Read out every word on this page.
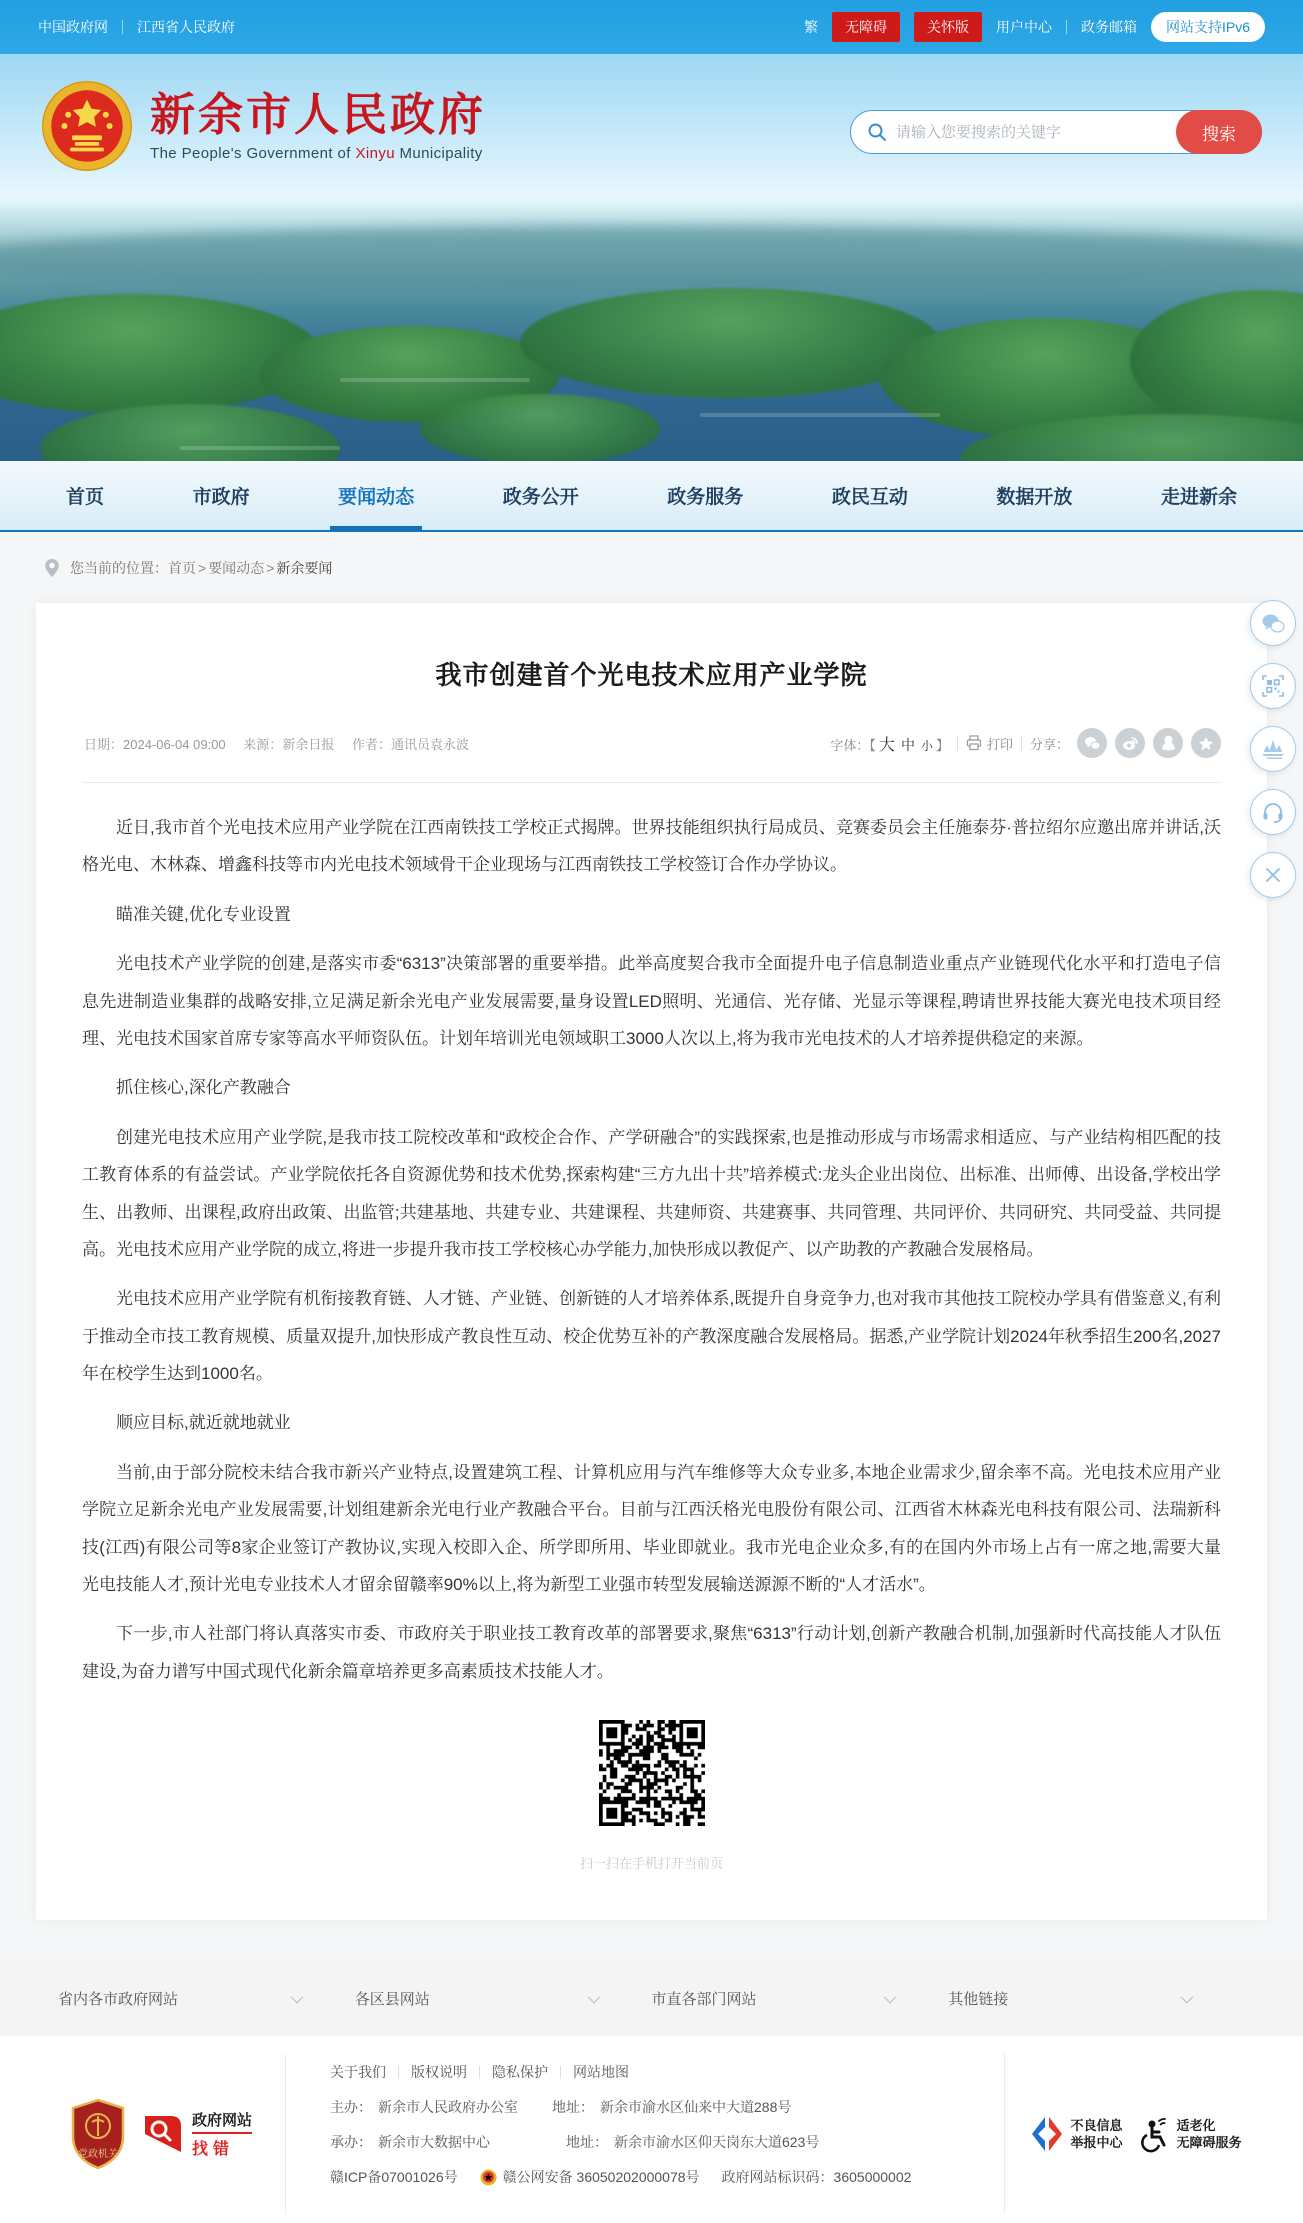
中国政府网 江西省人民政府	繁	无障碍	关怀版	用户中心 政务邮箱	网站支持IPv6
新余市人民政府
The People's Government of Xinyu Municipality
请输入您要搜索的关键字
搜索
首页	市政府	要闻动态	政务公开	政务服务	政民互动	数据开放	走进新余
您当前的位置： 首页 > 要闻动态 > 新余要闻
我市创建首个光电技术应用产业学院
日期：2024-06-04 09:00 来源：新余日报 作者：通讯员袁永波	字体：【 大 中 小 】	打印 分享：

近日,我市首个光电技术应用产业学院在江西南铁技工学校正式揭牌。世界技能组织执行局成员、竞赛委员会主任施泰芬·普拉绍尔应邀出席并讲话,沃格光电、木林森、增鑫科技等市内光电技术领域骨干企业现场与江西南铁技工学校签订合作办学协议。

瞄准关键,优化专业设置

光电技术产业学院的创建,是落实市委“6313”决策部署的重要举措。此举高度契合我市全面提升电子信息制造业重点产业链现代化水平和打造电子信息先进制造业集群的战略安排,立足满足新余光电产业发展需要,量身设置LED照明、光通信、光存储、光显示等课程,聘请世界技能大赛光电技术项目经理、光电技术国家首席专家等高水平师资队伍。计划年培训光电领域职工3000人次以上,将为我市光电技术的人才培养提供稳定的来源。

抓住核心,深化产教融合

创建光电技术应用产业学院,是我市技工院校改革和“政校企合作、产学研融合”的实践探索,也是推动形成与市场需求相适应、与产业结构相匹配的技工教育体系的有益尝试。产业学院依托各自资源优势和技术优势,探索构建“三方九出十共”培养模式:龙头企业出岗位、出标准、出师傅、出设备,学校出学生、出教师、出课程,政府出政策、出监管;共建基地、共建专业、共建课程、共建师资、共建赛事、共同管理、共同评价、共同研究、共同受益、共同提高。光电技术应用产业学院的成立,将进一步提升我市技工学校核心办学能力,加快形成以教促产、以产助教的产教融合发展格局。

光电技术应用产业学院有机衔接教育链、人才链、产业链、创新链的人才培养体系,既提升自身竞争力,也对我市其他技工院校办学具有借鉴意义,有利于推动全市技工教育规模、质量双提升,加快形成产教良性互动、校企优势互补的产教深度融合发展格局。据悉,产业学院计划2024年秋季招生200名,2027年在校学生达到1000名。

顺应目标,就近就地就业

当前,由于部分院校未结合我市新兴产业特点,设置建筑工程、计算机应用与汽车维修等大众专业多,本地企业需求少,留余率不高。光电技术应用产业学院立足新余光电产业发展需要,计划组建新余光电行业产教融合平台。目前与江西沃格光电股份有限公司、江西省木林森光电科技有限公司、法瑞新科技(江西)有限公司等8家企业签订产教协议,实现入校即入企、所学即所用、毕业即就业。我市光电企业众多,有的在国内外市场上占有一席之地,需要大量光电技能人才,预计光电专业技术人才留余留赣率90%以上,将为新型工业强市转型发展输送源源不断的“人才活水”。

下一步,市人社部门将认真落实市委、市政府关于职业技工教育改革的部署要求,聚焦“6313”行动计划,创新产教融合机制,加强新时代高技能人才队伍建设,为奋力谱写中国式现代化新余篇章培养更多高素质技术技能人才。

扫一扫在手机打开当前页
省内各市政府网站	各区县网站	市直各部门网站	其他链接
党政机关
政府网站
找错
关于我们 版权说明 隐私保护 网站地图
主办： 新余市人民政府办公室 地址： 新余市渝水区仙来中大道288号
承办： 新余市大数据中心	地址： 新余市渝水区仰天岗东大道623号
赣ICP备07001026号	赣公网安备 36050202000078号 政府网站标识码：3605000002
不良信息
举报中心
适老化
无障碍服务
